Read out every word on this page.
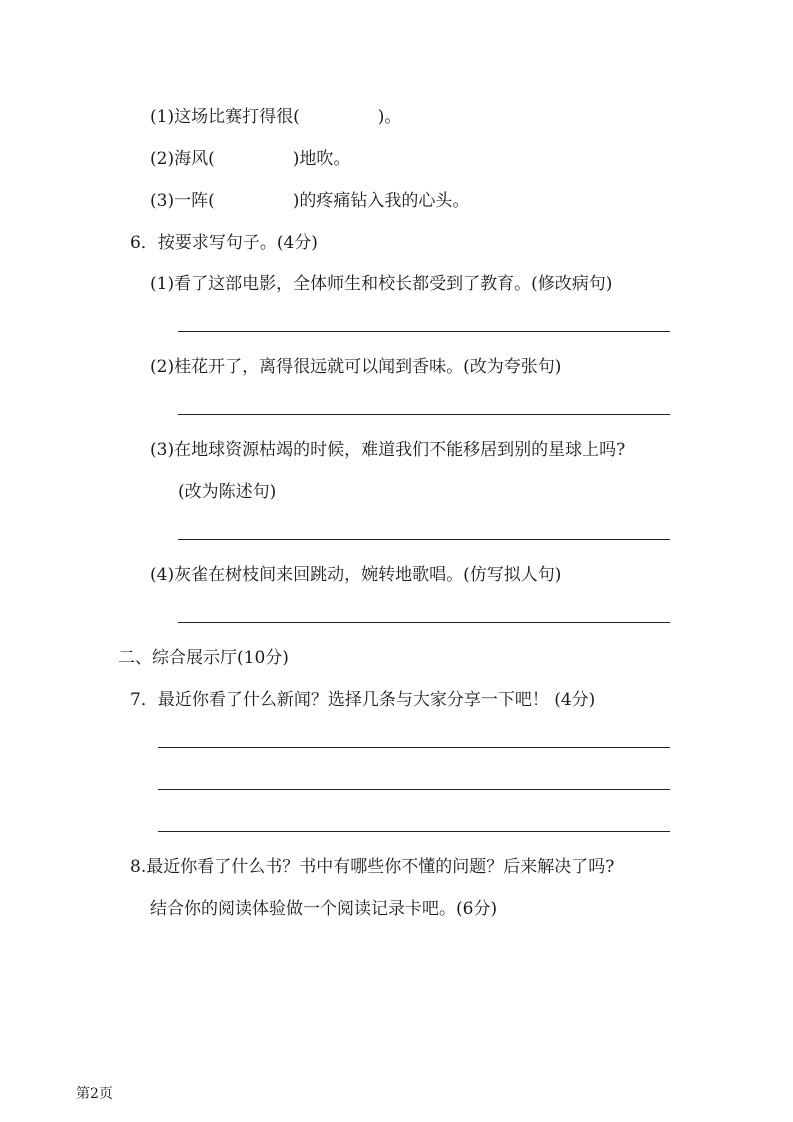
(1)这场比赛打得很(	)。
(2)海风(	)地吹。
(3)一阵(	)的疼痛钻入我的心头。
6．按要求写句子。(4分)
(1)看了这部电影，全体师生和校长都受到了教育。(修改病句)
(2)桂花开了，离得很远就可以闻到香味。(改为夸张句)
(3)在地球资源枯竭的时候，难道我们不能移居到别的星球上吗?
(改为陈述句)
(4)灰雀在树枝间来回跳动，婉转地歌唱。(仿写拟人句)
二、综合展示厅(10分)
7．最近你看了什么新闻？选择几条与大家分享一下吧！ (4分)
8.最近你看了什么书？书中有哪些你不懂的问题？后来解决了吗?
结合你的阅读体验做一个阅读记录卡吧。(6分)
第2页
